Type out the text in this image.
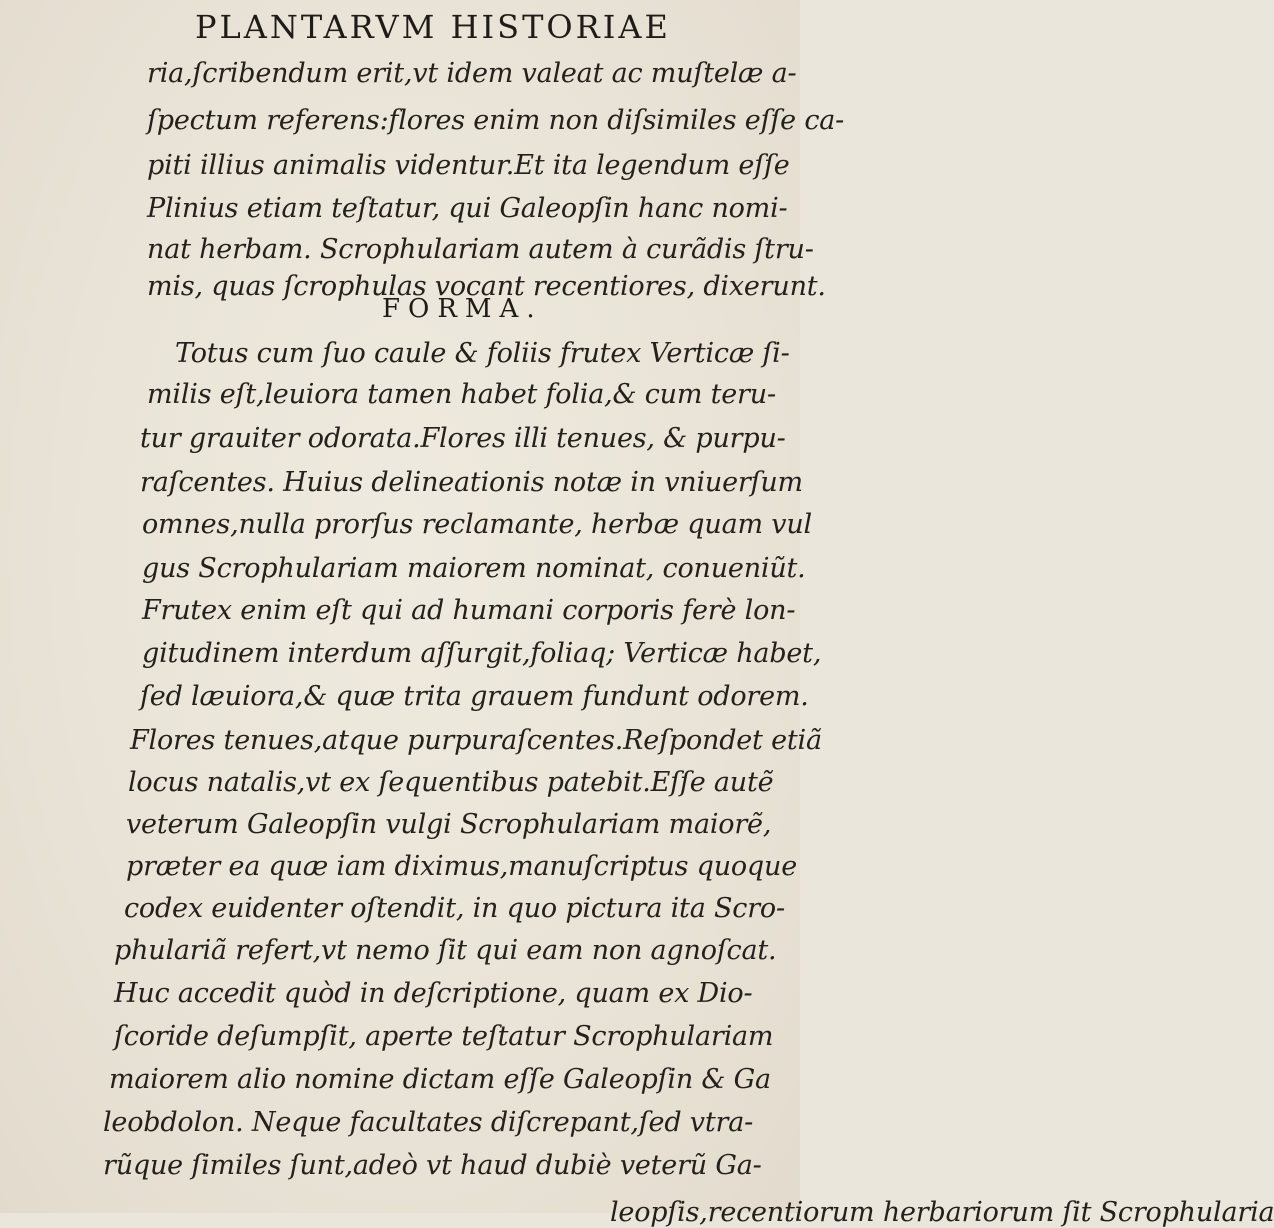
PLANTARVM HISTORIAE
ria,ſcribendum erit,vt idem valeat ac muſtelæ a-
ſpectum referens:flores enim non diſsimiles eſſe ca-
piti illius animalis videntur.Et ita legendum eſſe
Plinius etiam teſtatur, qui Galeopſin hanc nomi-
nat herbam. Scrophulariam autem à curãdis ſtru-
mis, quas ſcrophulas vocant recentiores, dixerunt.
FORMA.
Totus cum ſuo caule & foliis frutex Verticæ ſi-
milis eſt,leuiora tamen habet folia,& cum teru-
tur grauiter odorata.Flores illi tenues, & purpu-
raſcentes. Huius delineationis notæ in vniuerſum
omnes,nulla prorſus reclamante, herbæ quam vul
gus Scrophulariam maiorem nominat, conueniũt.
Frutex enim eſt qui ad humani corporis ferè lon-
gitudinem interdum aſſurgit,foliaq; Verticæ habet,
ſed læuiora,& quæ trita grauem fundunt odorem.
Flores tenues,atque purpuraſcentes.Reſpondet etiã
locus natalis,vt ex ſequentibus patebit.Eſſe autẽ
veterum Galeopſin vulgi Scrophulariam maiorẽ,
præter ea quæ iam diximus,manuſcriptus quoque
codex euidenter oſtendit, in quo pictura ita Scro-
phulariã refert,vt nemo ſit qui eam non agnoſcat.
Huc accedit quòd in deſcriptione, quam ex Dio-
ſcoride deſumpſit, aperte teſtatur Scrophulariam
maiorem alio nomine dictam eſſe Galeopſin & Ga
leobdolon. Neque facultates diſcrepant,ſed vtra-
rũque ſimiles ſunt,adeò vt haud dubiè veterũ Ga-
leopſis,recentiorum herbariorum ſit Scrophularia
